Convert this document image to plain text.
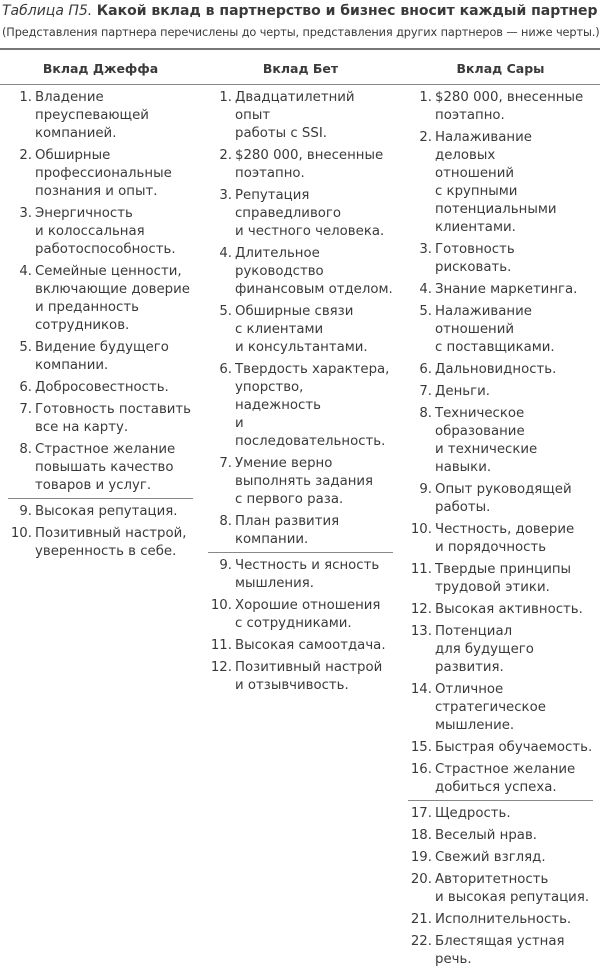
Таблица П5. Какой вклад в партнерство и бизнес вносит каждый партнер
(Представления партнера перечислены до черты, представления других партнеров — ниже черты.)
Вклад Джеффа	Вклад Бет	Вклад Сары
1. Владение
преуспевающей
компанией.
2. Обширные
профессиональные
познания и опыт.
3. Энергичность
и колоссальная
работоспособность.
4. Семейные ценности,
включающие доверие
и преданность
сотрудников.
5. Видение будущего
компании.
6. Добросовестность.
7. Готовность поставить
все на карту.
8. Страстное желание
повышать качество
товаров и услуг.
9. Высокая репутация.
10. Позитивный настрой,
уверенность в себе.
1. Двадцатилетний опыт
работы с SSI.
2. $280 000, внесенные
поэтапно.
3. Репутация
справедливого
и честного человека.
4. Длительное
руководство
финансовым отделом.
5. Обширные связи
с клиентами
и консультантами.
6. Твердость характера,
упорство, надежность
и последовательность.
7. Умение верно
выполнять задания
с первого раза.
8. План развития
компании.
9. Честность и ясность
мышления.
10. Хорошие отношения
с сотрудниками.
11. Высокая самоотдача.
12. Позитивный настрой
и отзывчивость.
1. $280 000, внесенные
поэтапно.
2. Налаживание деловых
отношений
с крупными
потенциальными
клиентами.
3. Готовность рисковать.
4. Знание маркетинга.
5. Налаживание
отношений
с поставщиками.
6. Дальновидность.
7. Деньги.
8. Техническое
образование
и технические навыки.
9. Опыт руководящей
работы.
10. Честность, доверие
и порядочность
11. Твердые принципы
трудовой этики.
12. Высокая активность.
13. Потенциал
для будущего
развития.
14. Отличное
стратегическое
мышление.
15. Быстрая обучаемость.
16. Страстное желание
добиться успеха.
17. Щедрость.
18. Веселый нрав.
19. Свежий взгляд.
20. Авторитетность
и высокая репутация.
21. Исполнительность.
22. Блестящая устная
речь.
